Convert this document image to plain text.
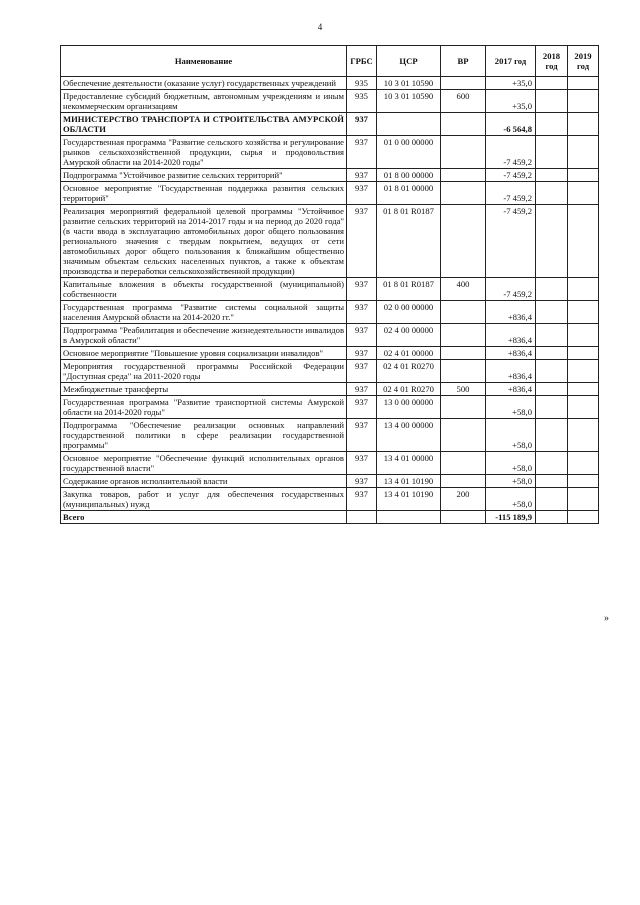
4
Наименование	ГРБС	ЦСР	ВР	2017 год	2018 год	2019 год
Обеспечение деятельности (оказание услуг) государственных учреждений	935	10 3 01 10590		+35,0		
Предоставление субсидий бюджетным, автономным учреждениям и иным некоммерческим организациям	935	10 3 01 10590	600	+35,0		
МИНИСТЕРСТВО ТРАНСПОРТА И СТРОИТЕЛЬСТВА АМУРСКОЙ ОБЛАСТИ	937			-6 564,8		
Государственная программа "Развитие сельского хозяйства и регулирование рынков сельскохозяйственной продукции, сырья и продовольствия Амурской области на 2014-2020 годы"	937	01 0 00 00000		-7 459,2		
Подпрограмма "Устойчивое развитие сельских территорий"	937	01 8 00 00000		-7 459,2		
Основное мероприятие "Государственная поддержка развития сельских территорий"	937	01 8 01 00000		-7 459,2		
Реализация мероприятий федеральной целевой программы "Устойчивое развитие сельских территорий на 2014-2017 годы и на период до 2020 года" (в части ввода в эксплуатацию автомобильных дорог общего пользования регионального значения с твердым покрытием, ведущих от сети автомобильных дорог общего пользования к ближайшим общественно значимым объектам сельских населенных пунктов, а также к объектам производства и переработки сельскохозяйственной продукции)	937	01 8 01 R0187		-7 459,2		
Капитальные вложения в объекты государственной (муниципальной) собственности	937	01 8 01 R0187	400	-7 459,2		
Государственная программа "Развитие системы социальной защиты населения Амурской области на 2014-2020 гг."	937	02 0 00 00000		+836,4		
Подпрограмма "Реабилитация и обеспечение жизнедеятельности инвалидов в Амурской области"	937	02 4 00 00000		+836,4		
Основное мероприятие "Повышение уровня социализации инвалидов"	937	02 4 01 00000		+836,4		
Мероприятия государственной программы Российской Федерации "Доступная среда" на 2011-2020 годы	937	02 4 01 R0270		+836,4		
Межбюджетные трансферты	937	02 4 01 R0270	500	+836,4		
Государственная программа "Развитие транспортной системы Амурской области на 2014-2020 годы"	937	13 0 00 00000		+58,0		
Подпрограмма "Обеспечение реализации основных направлений государственной политики в сфере реализации государственной программы"	937	13 4 00 00000		+58,0		
Основное мероприятие "Обеспечение функций исполнительных органов государственной власти"	937	13 4 01 00000		+58,0		
Содержание органов исполнительной власти	937	13 4 01 10190		+58,0		
Закупка товаров, работ и услуг для обеспечения государственных (муниципальных) нужд	937	13 4 01 10190	200	+58,0		
Всего				-115 189,9		
»
